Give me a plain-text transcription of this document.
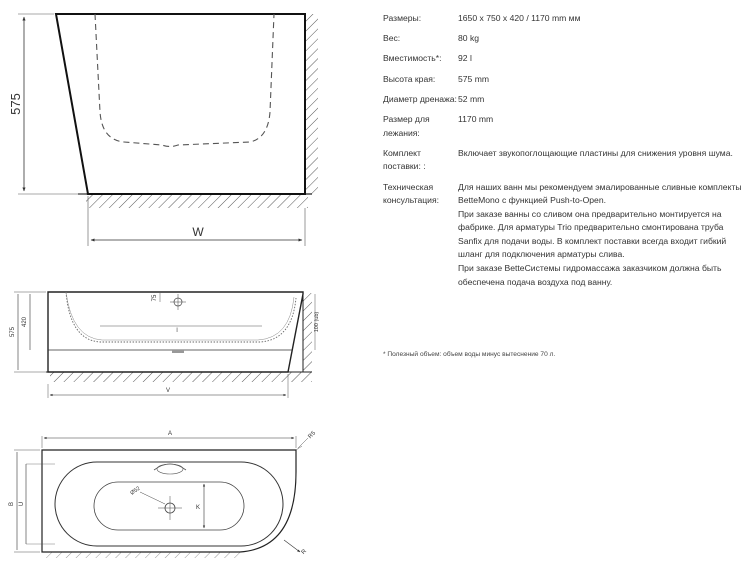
575
W
75
l	100 (ub)
575
420
V
Ø52
K
A	R5
R
B U
Размеры:	1650 x 750 x 420 / 1170 mm мм
Вес:	80 kg
Вместимость*:	92 l
Высота края:	575 mm
Диаметр дренажа: 52 mm
Размер для лежания:
1170 mm
Комплект поставки: :
Включает звукопоглощающие пластины для снижения уровня шума.
Техническая консультация:
Для наших ванн мы рекомендуем эмалированные сливные комплекты BetteMono с функцией Push-to-Open.
При заказе ванны со сливом она предварительно монтируется на фабрике. Для арматуры Trio предварительно смонтирована труба Sanfix для подачи воды. В комплект поставки всегда входит гибкий шланг для подключения арматуры слива.
При заказе BetteСистемы гидромассажа заказчиком должна быть обеспечена подача воздуха под ванну.
* Полезный объем: объем воды минус вытеснение 70 л.
